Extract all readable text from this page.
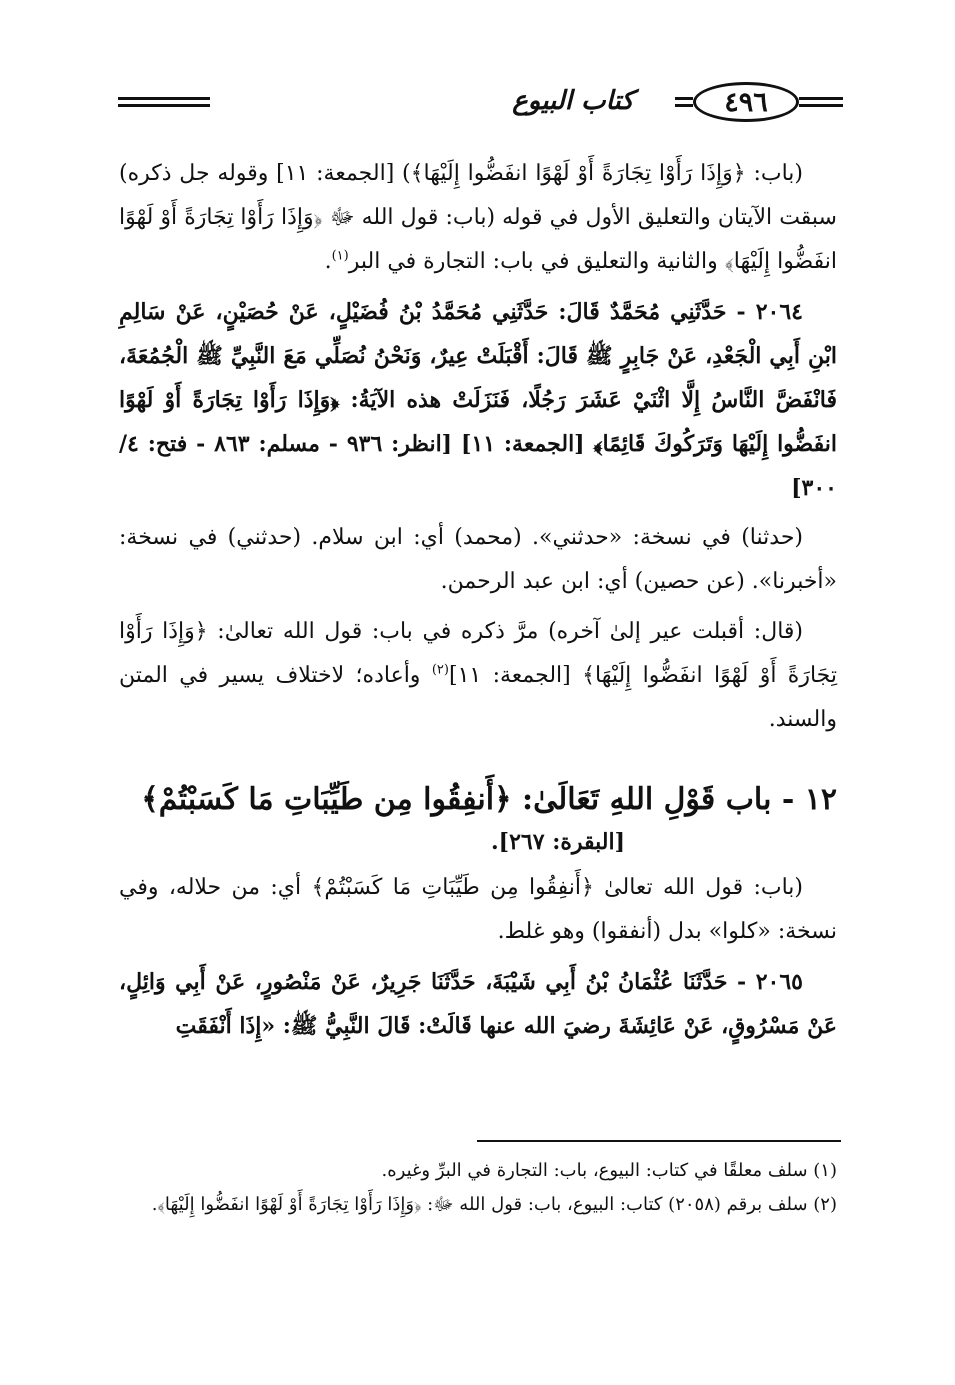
٤٩٦
كتاب البيوع

(باب: ﴿وَإِذَا رَأَوْا تِجَارَةً أَوْ لَهْوًا انفَضُّوا إِلَيْهَا﴾) [الجمعة: ١١] وقوله جل ذكره) سبقت الآيتان والتعليق الأول في قوله (باب: قول الله ﷻ ﴿وَإِذَا رَأَوْا تِجَارَةً أَوْ لَهْوًا انفَضُّوا إِلَيْهَا﴾ والثانية والتعليق في باب: التجارة في البر$^{(١)}$.

٢٠٦٤ - حَدَّثَنِي مُحَمَّدٌ قَالَ: حَدَّثَنِي مُحَمَّدُ بْنُ فُضَيْلٍ، عَنْ حُصَيْنٍ، عَنْ سَالِمِ ابْنِ أَبِي الْجَعْدِ، عَنْ جَابِرٍ ﷺ قَالَ: أَقْبَلَتْ عِيرٌ، وَنَحْنُ نُصَلِّي مَعَ النَّبِيِّ ﷺ الْجُمُعَةَ، فَانْفَضَّ النَّاسُ إِلَّا اثْنَيْ عَشَرَ رَجُلًا، فَنَزَلَتْ هذه الآيَةُ: ﴿وَإِذَا رَأَوْا تِجَارَةً أَوْ لَهْوًا انفَضُّوا إِلَيْهَا وَتَرَكُوكَ قَائِمًا﴾ [الجمعة: ١١] [انظر: ٩٣٦ - مسلم: ٨٦٣ - فتح: ٤/ ٣٠٠]

(حدثنا) في نسخة: «حدثني». (محمد) أي: ابن سلام. (حدثني) في نسخة: «أخبرنا». (عن حصين) أي: ابن عبد الرحمن.

(قال: أقبلت عير إلىٰ آخره) مرَّ ذكره في باب: قول الله تعالىٰ: ﴿وَإِذَا رَأَوْا تِجَارَةً أَوْ لَهْوًا انفَضُّوا إِلَيْهَا﴾ [الجمعة: ١١]$^{(٢)}$ وأعاده؛ لاختلاف يسير في المتن والسند.

١٢ - باب قَوْلِ اللهِ تَعَالَىٰ: ﴿أَنفِقُوا مِن طَيِّبَاتِ مَا كَسَبْتُمْ﴾
[البقرة: ٢٦٧].

(باب: قول الله تعالىٰ ﴿أَنفِقُوا مِن طَيِّبَاتِ مَا كَسَبْتُمْ﴾ أي: من حلاله، وفي نسخة: «كلوا» بدل (أنفقوا) وهو غلط.

٢٠٦٥ - حَدَّثَنَا عُثْمَانُ بْنُ أَبِي شَيْبَةَ، حَدَّثَنَا جَرِيرٌ، عَنْ مَنْصُورٍ، عَنْ أَبِي وَائِلٍ، عَنْ مَسْرُوقٍ، عَنْ عَائِشَةَ رضيَ الله عنها قَالَتْ: قَالَ النَّبِيُّ ﷺ: «إِذَا أَنْفَقَتِ

(١) سلف معلقًا في كتاب: البيوع، باب: التجارة في البرِّ وغيره.

(٢) سلف برقم (٢٠٥٨) كتاب: البيوع، باب: قول الله ﷻ: ﴿وَإِذَا رَأَوْا تِجَارَةً أَوْ لَهْوًا انفَضُّوا إِلَيْهَا﴾.
